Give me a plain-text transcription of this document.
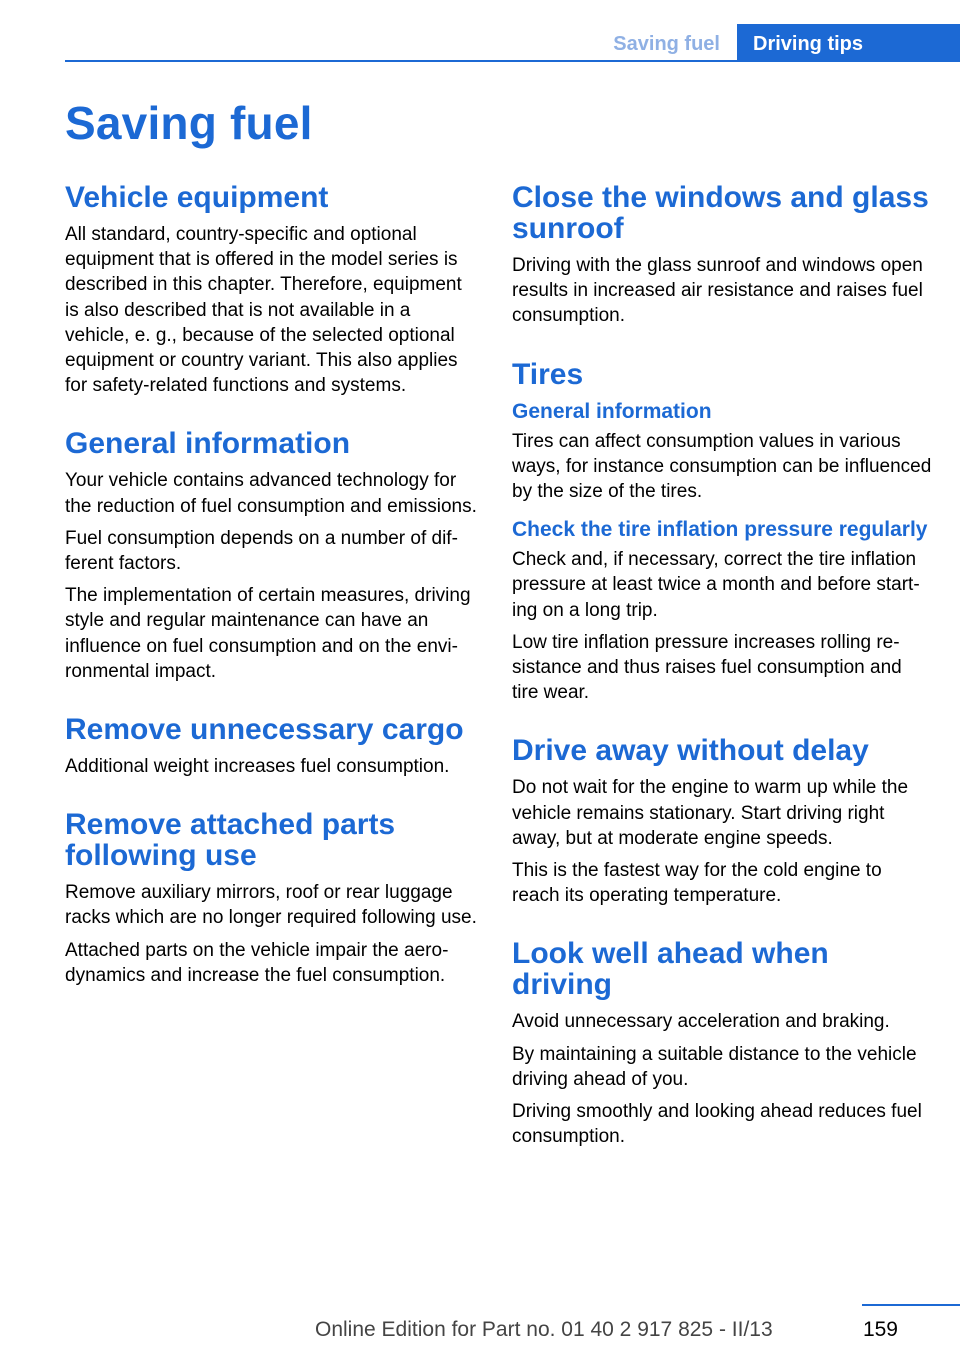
Saving fuel	Driving tips
Saving fuel
Vehicle equipment

All standard, country-specific and optional equipment that is offered in the model series is described in this chapter. Therefore, equipment is also described that is not available in a vehicle, e. g., because of the selected optional equipment or country variant. This also applies for safety-related functions and systems.

General information

Your vehicle contains advanced technology for the reduction of fuel consumption and emissions.

Fuel consumption depends on a number of different factors.

The implementation of certain measures, driving style and regular maintenance can have an influence on fuel consumption and on the environmental impact.

Remove unnecessary cargo

Additional weight increases fuel consumption.

Remove attached parts following use

Remove auxiliary mirrors, roof or rear luggage racks which are no longer required following use.

Attached parts on the vehicle impair the aerodynamics and increase the fuel consumption.

Close the windows and glass sunroof

Driving with the glass sunroof and windows open results in increased air resistance and raises fuel consumption.

Tires
General information

Tires can affect consumption values in various ways, for instance consumption can be influenced by the size of the tires.

Check the tire inflation pressure regularly

Check and, if necessary, correct the tire inflation pressure at least twice a month and before starting on a long trip.

Low tire inflation pressure increases rolling resistance and thus raises fuel consumption and tire wear.

Drive away without delay

Do not wait for the engine to warm up while the vehicle remains stationary. Start driving right away, but at moderate engine speeds.

This is the fastest way for the cold engine to reach its operating temperature.

Look well ahead when driving

Avoid unnecessary acceleration and braking.

By maintaining a suitable distance to the vehicle driving ahead of you.

Driving smoothly and looking ahead reduces fuel consumption.

159
Online Edition for Part no. 01 40 2 917 825 - II/13
